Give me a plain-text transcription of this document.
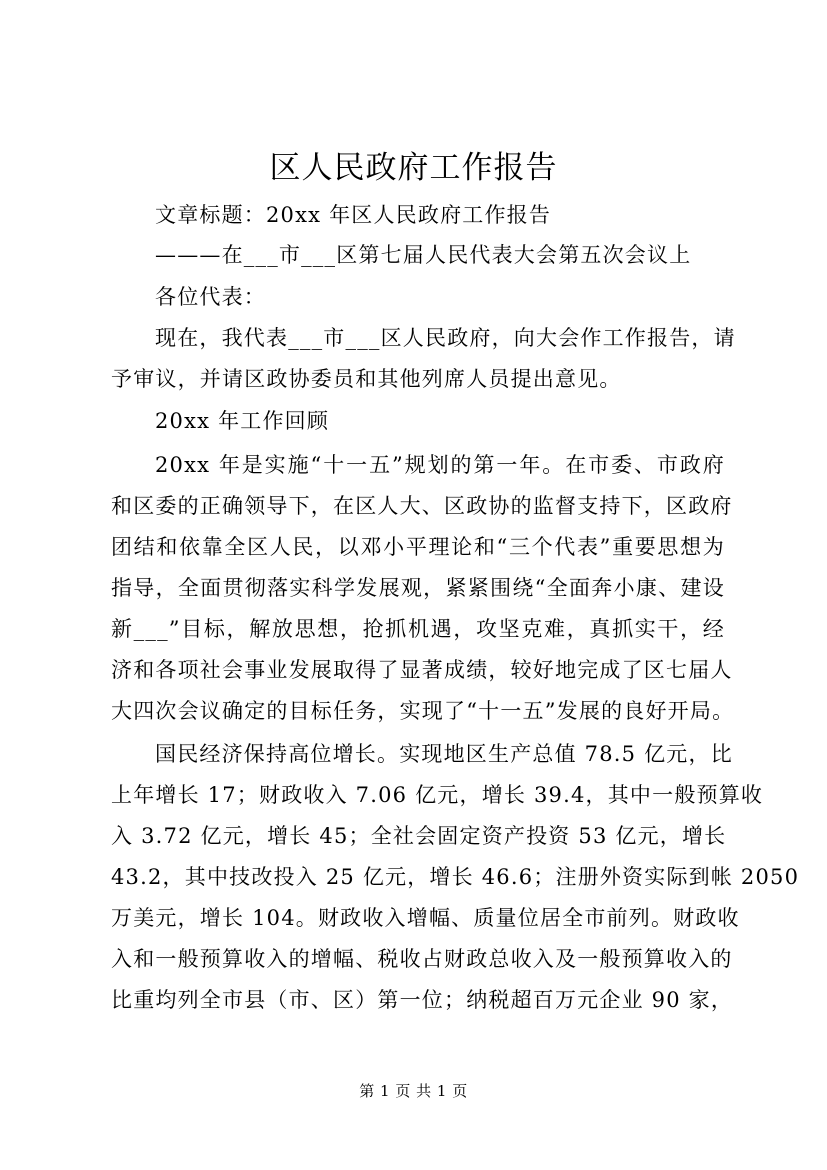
区人民政府工作报告
文章标题：20xx 年区人民政府工作报告
———在___市___区第七届人民代表大会第五次会议上
各位代表：
现在，我代表___市___区人民政府，向大会作工作报告，请
予审议，并请区政协委员和其他列席人员提出意见。
20xx 年工作回顾
20xx 年是实施“十一五”规划的第一年。在市委、市政府
和区委的正确领导下，在区人大、区政协的监督支持下，区政府
团结和依靠全区人民，以邓小平理论和“三个代表”重要思想为
指导，全面贯彻落实科学发展观，紧紧围绕“全面奔小康、建设
新___”目标，解放思想，抢抓机遇，攻坚克难，真抓实干，经
济和各项社会事业发展取得了显著成绩，较好地完成了区七届人
大四次会议确定的目标任务，实现了“十一五”发展的良好开局。
国民经济保持高位增长。实现地区生产总值 78.5 亿元，比
上年增长 17；财政收入 7.06 亿元，增长 39.4，其中一般预算收
入 3.72 亿元，增长 45；全社会固定资产投资 53 亿元，增长
43.2，其中技改投入 25 亿元，增长 46.6；注册外资实际到帐 2050
万美元，增长 104。财政收入增幅、质量位居全市前列。财政收
入和一般预算收入的增幅、税收占财政总收入及一般预算收入的
比重均列全市县（市、区）第一位；纳税超百万元企业 90 家，
第 1 页 共 1 页
